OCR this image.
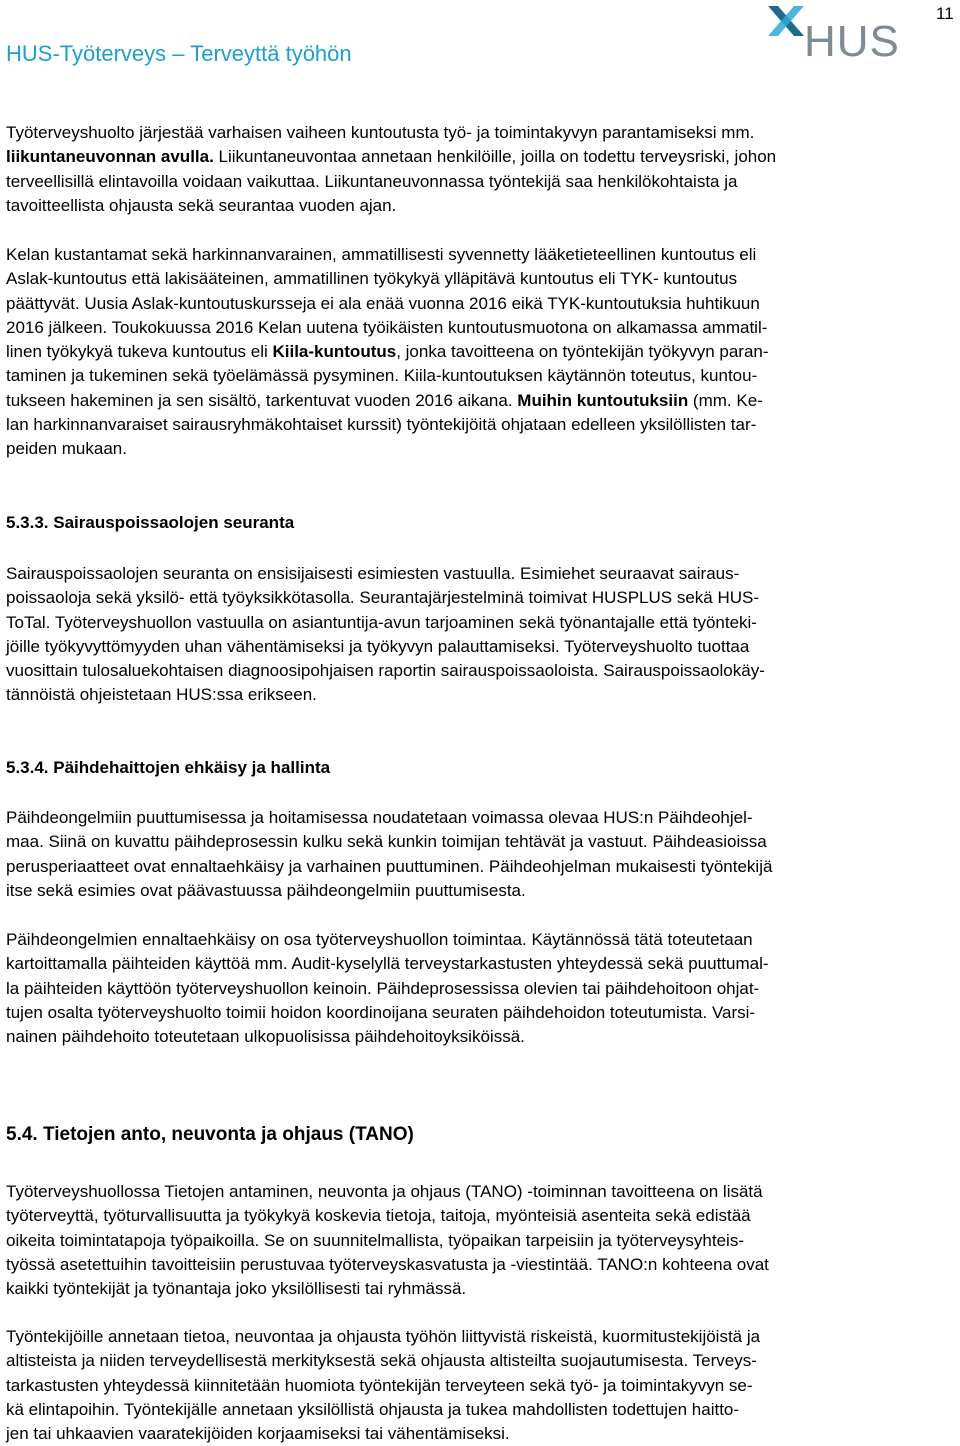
11
HUS
HUS-Työterveys – Terveyttä työhön
Työterveyshuolto järjestää varhaisen vaiheen kuntoutusta työ- ja toimintakyvyn parantamiseksi mm.
liikuntaneuvonnan avulla. Liikuntaneuvontaa annetaan henkilöille, joilla on todettu terveysriski, johon
terveellisillä elintavoilla voidaan vaikuttaa. Liikuntaneuvonnassa työntekijä saa henkilökohtaista ja
tavoitteellista ohjausta sekä seurantaa vuoden ajan.
Kelan kustantamat sekä harkinnanvarainen, ammatillisesti syvennetty lääketieteellinen kuntoutus eli
Aslak-kuntoutus että lakisääteinen, ammatillinen työkykyä ylläpitävä kuntoutus eli TYK- kuntoutus
päättyvät. Uusia Aslak-kuntoutuskursseja ei ala enää vuonna 2016 eikä TYK-kuntoutuksia huhtikuun
2016 jälkeen. Toukokuussa 2016 Kelan uutena työikäisten kuntoutusmuotona on alkamassa ammatil-
linen työkykyä tukeva kuntoutus eli Kiila-kuntoutus, jonka tavoitteena on työntekijän työkyvyn paran-
taminen ja tukeminen sekä työelämässä pysyminen. Kiila-kuntoutuksen käytännön toteutus, kuntou-
tukseen hakeminen ja sen sisältö, tarkentuvat vuoden 2016 aikana. Muihin kuntoutuksiin (mm. Ke-
lan harkinnanvaraiset sairausryhmäkohtaiset kurssit) työntekijöitä ohjataan edelleen yksilöllisten tar-
peiden mukaan.
5.3.3. Sairauspoissaolojen seuranta
Sairauspoissaolojen seuranta on ensisijaisesti esimiesten vastuulla. Esimiehet seuraavat sairaus-
poissaoloja sekä yksilö- että työyksikkötasolla. Seurantajärjestelminä toimivat HUSPLUS sekä HUS-
ToTal. Työterveyshuollon vastuulla on asiantuntija-avun tarjoaminen sekä työnantajalle että työnteki-
jöille työkyvyttömyyden uhan vähentämiseksi ja työkyvyn palauttamiseksi. Työterveyshuolto tuottaa
vuosittain tulosaluekohtaisen diagnoosipohjaisen raportin sairauspoissaoloista. Sairauspoissaolokäy-
tännöistä ohjeistetaan HUS:ssa erikseen.
5.3.4. Päihdehaittojen ehkäisy ja hallinta
Päihdeongelmiin puuttumisessa ja hoitamisessa noudatetaan voimassa olevaa HUS:n Päihdeohjel-
maa. Siinä on kuvattu päihdeprosessin kulku sekä kunkin toimijan tehtävät ja vastuut. Päihdeasioissa
perusperiaatteet ovat ennaltaehkäisy ja varhainen puuttuminen. Päihdeohjelman mukaisesti työntekijä
itse sekä esimies ovat päävastuussa päihdeongelmiin puuttumisesta.
Päihdeongelmien ennaltaehkäisy on osa työterveyshuollon toimintaa. Käytännössä tätä toteutetaan
kartoittamalla päihteiden käyttöä mm. Audit-kyselyllä terveystarkastusten yhteydessä sekä puuttumal-
la päihteiden käyttöön työterveyshuollon keinoin. Päihdeprosessissa olevien tai päihdehoitoon ohjat-
tujen osalta työterveyshuolto toimii hoidon koordinoijana seuraten päihdehoidon toteutumista. Varsi-
nainen päihdehoito toteutetaan ulkopuolisissa päihdehoitoyksiköissä.
5.4. Tietojen anto, neuvonta ja ohjaus (TANO)
Työterveyshuollossa Tietojen antaminen, neuvonta ja ohjaus (TANO) -toiminnan tavoitteena on lisätä
työterveyttä, työturvallisuutta ja työkykyä koskevia tietoja, taitoja, myönteisiä asenteita sekä edistää
oikeita toimintatapoja työpaikoilla. Se on suunnitelmallista, työpaikan tarpeisiin ja työterveysyhteis-
työssä asetettuihin tavoitteisiin perustuvaa työterveyskasvatusta ja -viestintää. TANO:n kohteena ovat
kaikki työntekijät ja työnantaja joko yksilöllisesti tai ryhmässä.
Työntekijöille annetaan tietoa, neuvontaa ja ohjausta työhön liittyvistä riskeistä, kuormitustekijöistä ja
altisteista ja niiden terveydellisestä merkityksestä sekä ohjausta altisteilta suojautumisesta. Terveys-
tarkastusten yhteydessä kiinnitetään huomiota työntekijän terveyteen sekä työ- ja toimintakyvyn se-
kä elintapoihin. Työntekijälle annetaan yksilöllistä ohjausta ja tukea mahdollisten todettujen haitto-
jen tai uhkaavien vaaratekijöiden korjaamiseksi tai vähentämiseksi.
